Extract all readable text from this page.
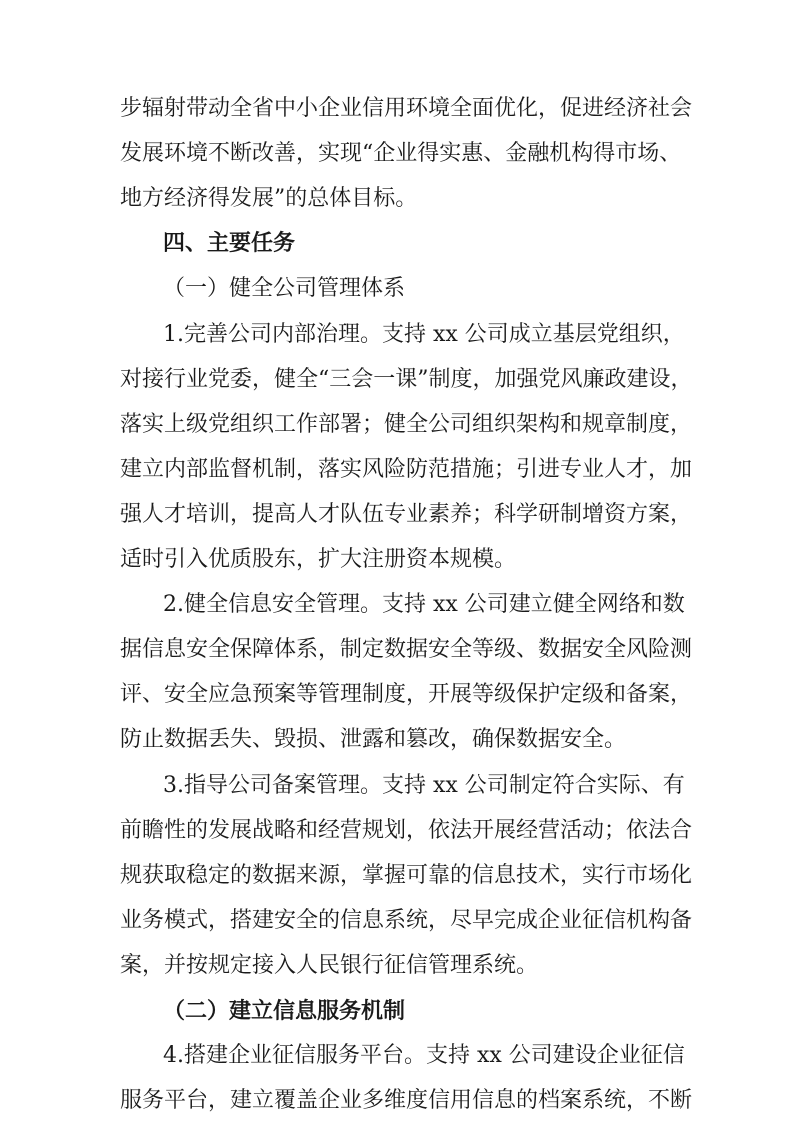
步辐射带动全省中小企业信用环境全面优化，促进经济社会
发展环境不断改善，实现“企业得实惠、金融机构得市场、
地方经济得发展”的总体目标。
四、主要任务
（一）健全公司管理体系
1.完善公司内部治理。支持 xx 公司成立基层党组织，
对接行业党委，健全“三会一课”制度，加强党风廉政建设，
落实上级党组织工作部署；健全公司组织架构和规章制度，
建立内部监督机制，落实风险防范措施；引进专业人才，加
强人才培训，提高人才队伍专业素养；科学研制增资方案，
适时引入优质股东，扩大注册资本规模。
2.健全信息安全管理。支持 xx 公司建立健全网络和数
据信息安全保障体系，制定数据安全等级、数据安全风险测
评、安全应急预案等管理制度，开展等级保护定级和备案，
防止数据丢失、毁损、泄露和篡改，确保数据安全。
3.指导公司备案管理。支持 xx 公司制定符合实际、有
前瞻性的发展战略和经营规划，依法开展经营活动；依法合
规获取稳定的数据来源，掌握可靠的信息技术，实行市场化
业务模式，搭建安全的信息系统，尽早完成企业征信机构备
案，并按规定接入人民银行征信管理系统。
（二）建立信息服务机制
4.搭建企业征信服务平台。支持 xx 公司建设企业征信
服务平台，建立覆盖企业多维度信用信息的档案系统，不断
